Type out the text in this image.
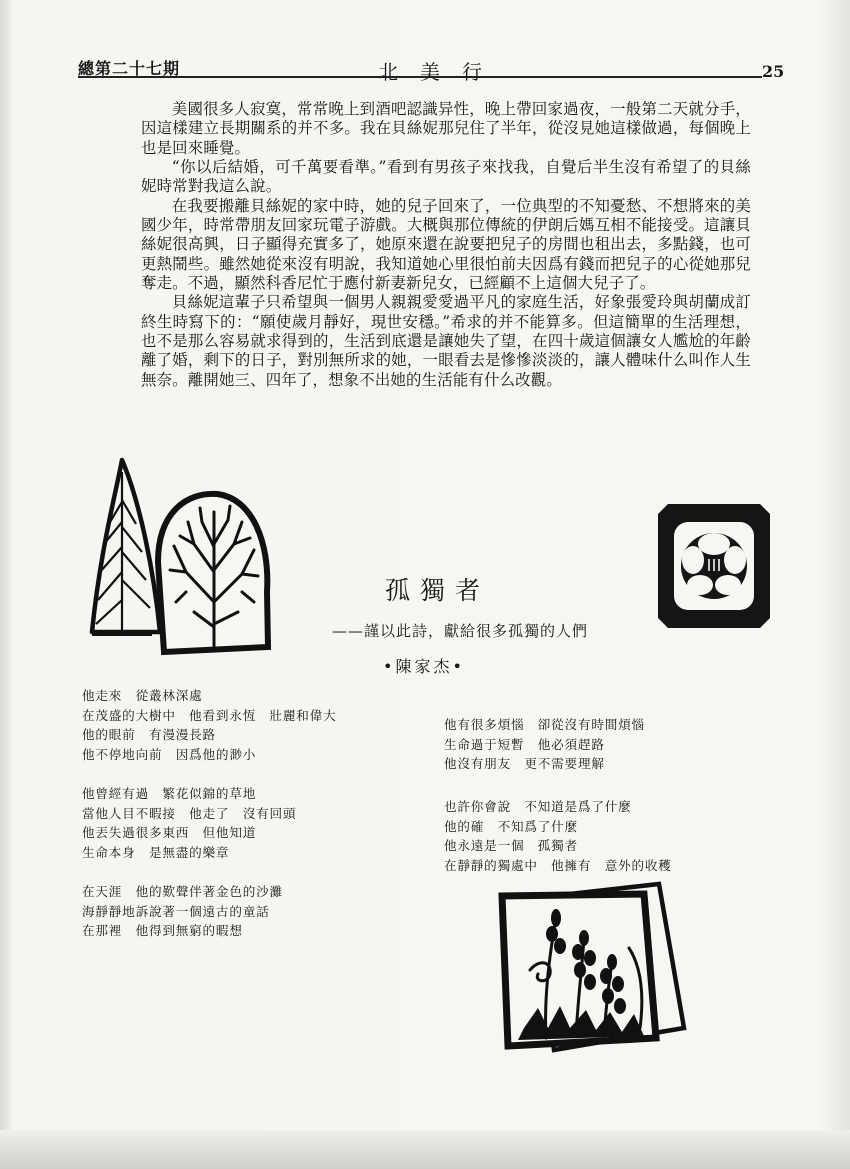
總第二十七期	北美行	25

美國很多人寂寞，常常晚上到酒吧認識异性，晚上帶回家過夜，一般第二天就分手，因這樣建立長期關系的并不多。我在貝絲妮那兒住了半年，從沒見她這樣做過，每個晚上也是回來睡覺。

“你以后結婚，可千萬要看準。”看到有男孩子來找我，自覺后半生沒有希望了的貝絲妮時常對我這么說。

在我要搬離貝絲妮的家中時，她的兒子回來了，一位典型的不知憂愁、不想將來的美國少年，時常帶朋友回家玩電子游戲。大概與那位傳統的伊朗后媽互相不能接受。這讓貝絲妮很高興，日子顯得充實多了，她原來還在說要把兒子的房間也租出去，多點錢，也可更熱鬧些。雖然她從來沒有明說，我知道她心里很怕前夫因爲有錢而把兒子的心從她那兒奪走。不過，顯然科香尼忙于應付新妻新兒女，已經顧不上這個大兒子了。

貝絲妮這輩子只希望與一個男人親親愛愛過平凡的家庭生活，好象張愛玲與胡蘭成訂終生時寫下的：“願使歲月靜好，現世安穩。”希求的并不能算多。但這簡單的生活理想，也不是那么容易就求得到的，生活到底還是讓她失了望，在四十歲這個讓女人尷尬的年齡離了婚，剩下的日子，對別無所求的她，一眼看去是慘慘淡淡的，讓人體味什么叫作人生無奈。離開她三、四年了，想象不出她的生活能有什么改觀。

孤獨者
——謹以此詩，獻給很多孤獨的人們
•陳家杰•
他走來　從叢林深處
在茂盛的大樹中　他看到永恆　壯麗和偉大
他的眼前　有漫漫長路
他不停地向前　因爲他的渺小
他曾經有過　繁花似錦的草地
當他人目不暇接　他走了　沒有回頭
他丟失過很多東西　但他知道
生命本身　是無盡的樂章
在天涯　他的歎聲伴著金色的沙灘
海靜靜地訴說著一個遠古的童話
在那裡　他得到無窮的暇想
他有很多煩惱　卻從沒有時間煩惱
生命過于短暫　他必須趕路
他沒有朋友　更不需要理解
也許你會說　不知道是爲了什麼
他的確　不知爲了什麼
他永遠是一個　孤獨者
在靜靜的獨處中　他擁有　意外的收穫
